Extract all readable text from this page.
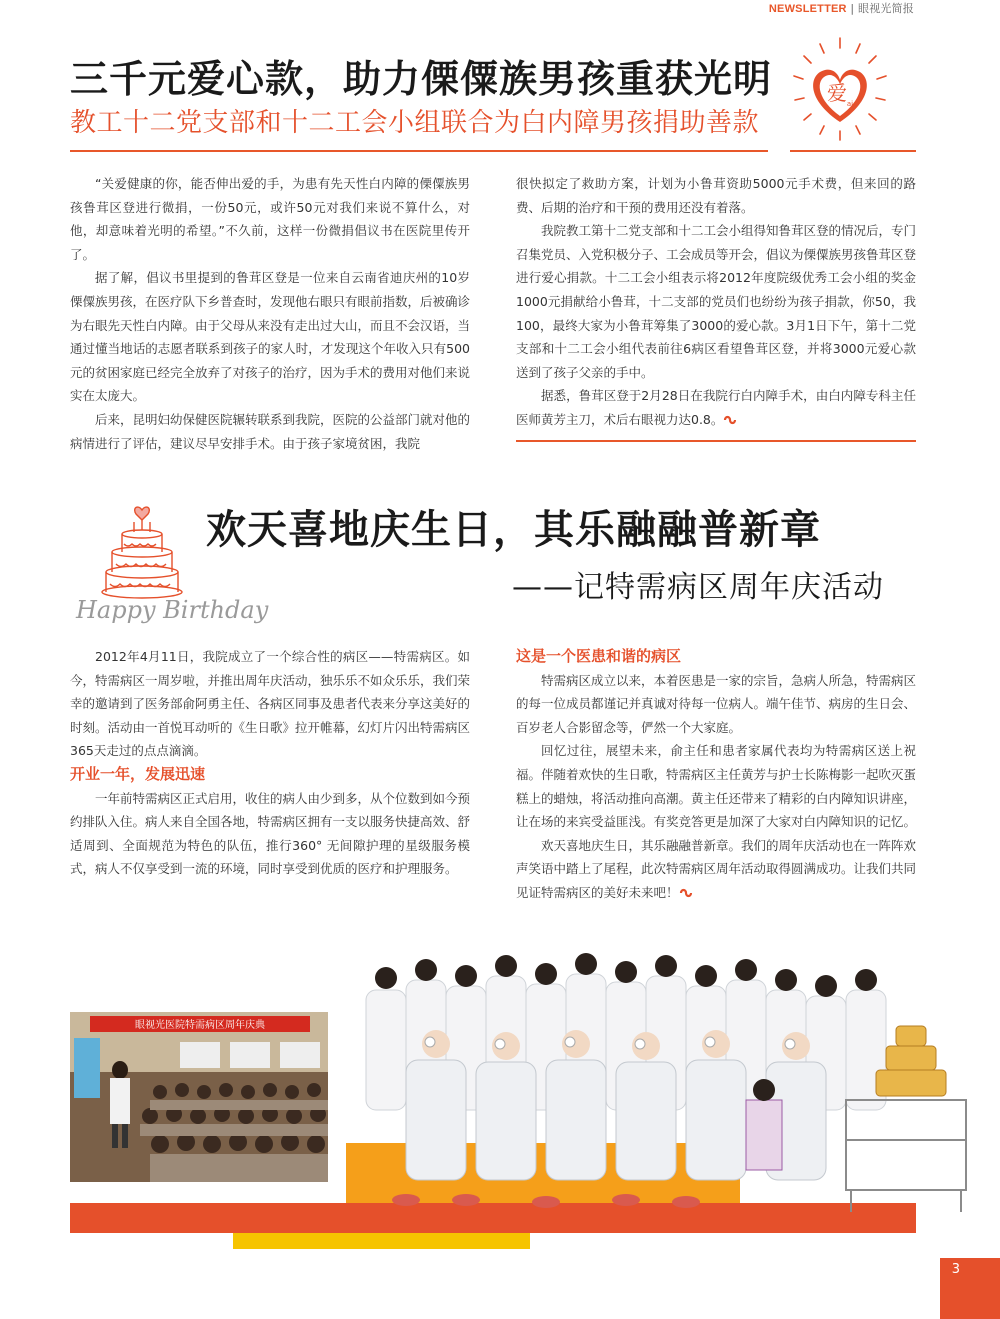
NEWSLETTER | 眼视光简报
三千元爱心款，助力傈僳族男孩重获光明
教工十二党支部和十二工会小组联合为白内障男孩捐助善款
爱 ai

“关爱健康的你，能否伸出爱的手，为患有先天性白内障的傈僳族男孩鲁茸区登进行微捐，一份50元，或许50元对我们来说不算什么，对他，却意味着光明的希望。”不久前，这样一份微捐倡议书在医院里传开了。

据了解，倡议书里提到的鲁茸区登是一位来自云南省迪庆州的10岁傈僳族男孩，在医疗队下乡普查时，发现他右眼只有眼前指数，后被确诊为右眼先天性白内障。由于父母从来没有走出过大山，而且不会汉语，当通过懂当地话的志愿者联系到孩子的家人时，才发现这个年收入只有500元的贫困家庭已经完全放弃了对孩子的治疗，因为手术的费用对他们来说实在太庞大。

后来，昆明妇幼保健医院辗转联系到我院，医院的公益部门就对他的病情进行了评估，建议尽早安排手术。由于孩子家境贫困，我院

很快拟定了救助方案，计划为小鲁茸资助5000元手术费，但来回的路费、后期的治疗和干预的费用还没有着落。

我院教工第十二党支部和十二工会小组得知鲁茸区登的情况后，专门召集党员、入党积极分子、工会成员等开会，倡议为傈僳族男孩鲁茸区登进行爱心捐款。十二工会小组表示将2012年度院级优秀工会小组的奖金1000元捐献给小鲁茸，十二支部的党员们也纷纷为孩子捐款，你50，我100，最终大家为小鲁茸筹集了3000的爱心款。3月1日下午，第十二党支部和十二工会小组代表前往6病区看望鲁茸区登，并将3000元爱心款送到了孩子父亲的手中。

据悉，鲁茸区登于2月28日在我院行白内障手术，由白内障专科主任医师黄芳主刀，术后右眼视力达0.8。

Happy Birthday
欢天喜地庆生日，其乐融融普新章
——记特需病区周年庆活动

2012年4月11日，我院成立了一个综合性的病区——特需病区。如今，特需病区一周岁啦，并推出周年庆活动，独乐乐不如众乐乐，我们荣幸的邀请到了医务部俞阿勇主任、各病区同事及患者代表来分享这美好的时刻。活动由一首悦耳动听的《生日歌》拉开帷幕，幻灯片闪出特需病区365天走过的点点滴滴。

开业一年，发展迅速

一年前特需病区正式启用，收住的病人由少到多，从个位数到如今预约排队入住。病人来自全国各地，特需病区拥有一支以服务快捷高效、舒适周到、全面规范为特色的队伍，推行360° 无间隙护理的星级服务模式，病人不仅享受到一流的环境，同时享受到优质的医疗和护理服务。

这是一个医患和谐的病区

特需病区成立以来，本着医患是一家的宗旨，急病人所急，特需病区的每一位成员都谨记并真诚对待每一位病人。端午佳节、病房的生日会、百岁老人合影留念等，俨然一个大家庭。

回忆过往，展望未来，俞主任和患者家属代表均为特需病区送上祝福。伴随着欢快的生日歌，特需病区主任黄芳与护士长陈梅影一起吹灭蛋糕上的蜡烛，将活动推向高潮。黄主任还带来了精彩的白内障知识讲座，让在场的来宾受益匪浅。有奖竞答更是加深了大家对白内障知识的记忆。

欢天喜地庆生日，其乐融融普新章。我们的周年庆活动也在一阵阵欢声笑语中踏上了尾程，此次特需病区周年活动取得圆满成功。让我们共同见证特需病区的美好未来吧！

眼视光医院特需病区周年庆典
3
